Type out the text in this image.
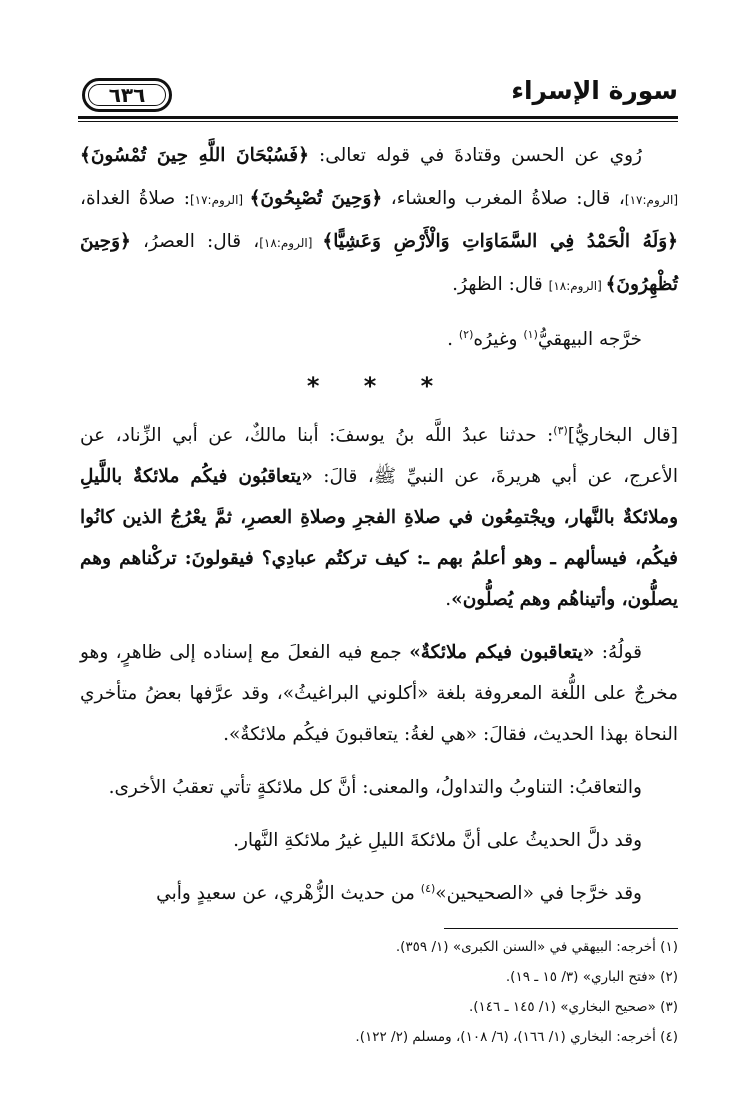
٦٣٦	سورة الإسراء

رُوي عن الحسن وقتادةَ في قوله تعالى: ﴿فَسُبْحَانَ اللَّهِ حِينَ تُمْسُونَ﴾ [الروم:١٧]، قال: صلاةُ المغرب والعشاء، ﴿وَحِينَ تُصْبِحُونَ﴾ [الروم:١٧]: صلاةُ الغداة، ﴿وَلَهُ الْحَمْدُ فِي السَّمَاوَاتِ وَالْأَرْضِ وَعَشِيًّا﴾ [الروم:١٨]، قال: العصرُ، ﴿وَحِينَ تُظْهِرُونَ﴾ [الروم:١٨] قال: الظهرُ.

خرَّجه البيهقيُّ$^{(١)}$ وغيرُه$^{(٢)}$ .

* * *

[قال البخاريُّ]$^{(٣)}$: حدثنا عبدُ اللَّه بنُ يوسفَ: أبنا مالكٌ، عن أبي الزِّناد، عن الأعرج، عن أبي هريرةَ، عن النبيِّ ﷺ، قالَ: «يتعاقبُون فيكُم ملائكةٌ باللَّيلِ وملائكةٌ بالنَّهار، ويجْتمِعُون في صلاةِ الفجرِ وصلاةِ العصرِ، ثمَّ يعْرُجُ الذين كانُوا فيكُم، فيسألهم ـ وهو أعلمُ بهم ـ: كيف تركتُم عبادِي؟ فيقولونَ: تركْناهم وهم يصلُّون، وأتيناهُم وهم يُصلُّون».

قولُهُ: «يتعاقبون فيكم ملائكةٌ» جمع فيه الفعلَ مع إسناده إلى ظاهرٍ، وهو مخرجٌ على اللُّغة المعروفة بلغة «أكلوني البراغيثُ»، وقد عرَّفها بعضُ متأخري النحاة بهذا الحديث، فقالَ: «هي لغةُ: يتعاقبونَ فيكُم ملائكةٌ».

والتعاقبُ: التناوبُ والتداولُ، والمعنى: أنَّ كل ملائكةٍ تأتي تعقبُ الأخرى.

وقد دلَّ الحديثُ على أنَّ ملائكةَ الليلِ غيرُ ملائكةِ النَّهار.

وقد خرَّجا في «الصحيحين»$^{(٤)}$ من حديث الزُّهْري، عن سعيدٍ وأبي

(١) أخرجه: البيهقي في «السنن الكبرى» (١/ ٣٥٩).

(٢) «فتح الباري» (٣/ ١٥ ـ ١٩).

(٣) «صحيح البخاري» (١/ ١٤٥ ـ ١٤٦).

(٤) أخرجه: البخاري (١/ ١٦٦)، (٦/ ١٠٨)، ومسلم (٢/ ١٢٢).
